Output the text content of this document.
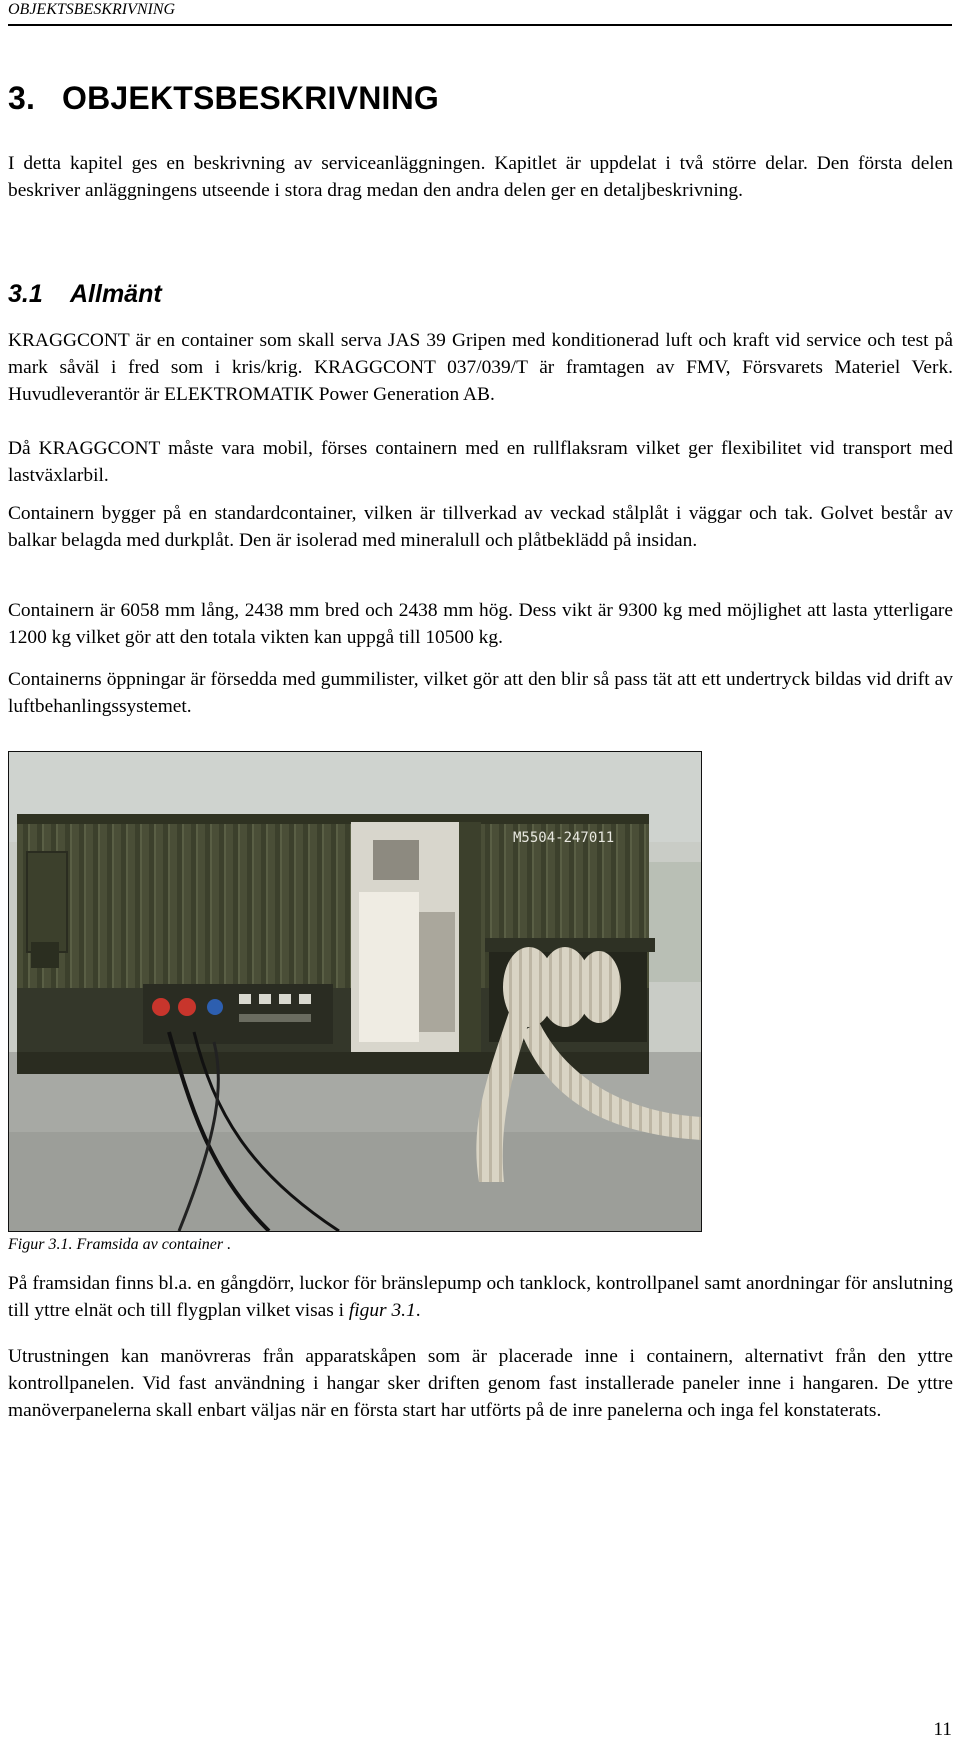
OBJEKTSBESKRIVNING
3. OBJEKTSBESKRIVNING

I detta kapitel ges en beskrivning av serviceanläggningen. Kapitlet är uppdelat i två större delar. Den första delen beskriver anläggningens utseende i stora drag medan den andra delen ger en detaljbeskrivning.

3.1 Allmänt

KRAGGCONT är en container som skall serva JAS 39 Gripen med konditionerad luft och kraft vid service och test på mark såväl i fred som i kris/krig. KRAGGCONT 037/039/T är framtagen av FMV, Försvarets Materiel Verk. Huvudleverantör är ELEKTROMATIK Power Generation AB.

Då KRAGGCONT måste vara mobil, förses containern med en rullflaksram vilket ger flexibilitet vid transport med lastväxlarbil.

Containern bygger på en standardcontainer, vilken är tillverkad av veckad stålplåt i väggar och tak. Golvet består av balkar belagda med durkplåt. Den är isolerad med mineralull och plåtbeklädd på insidan.

Containern är 6058 mm lång, 2438 mm bred och 2438 mm hög. Dess vikt är 9300 kg med möjlighet att lasta ytterligare 1200 kg vilket gör att den totala vikten kan uppgå till 10500 kg.

Containerns öppningar är försedda med gummilister, vilket gör att den blir så pass tät att ett undertryck bildas vid drift av luftbehanlingssystemet.

M5504-247011
Figur 3.1. Framsida av container .

På framsidan finns bl.a. en gångdörr, luckor för bränslepump och tanklock, kontrollpanel samt anordningar för anslutning till yttre elnät och till flygplan vilket visas i figur 3.1.

Utrustningen kan manövreras från apparatskåpen som är placerade inne i containern, alternativt från den yttre kontrollpanelen. Vid fast användning i hangar sker driften genom fast installerade paneler inne i hangaren. De yttre manöverpanelerna skall enbart väljas när en första start har utförts på de inre panelerna och inga fel konstaterats.

11
